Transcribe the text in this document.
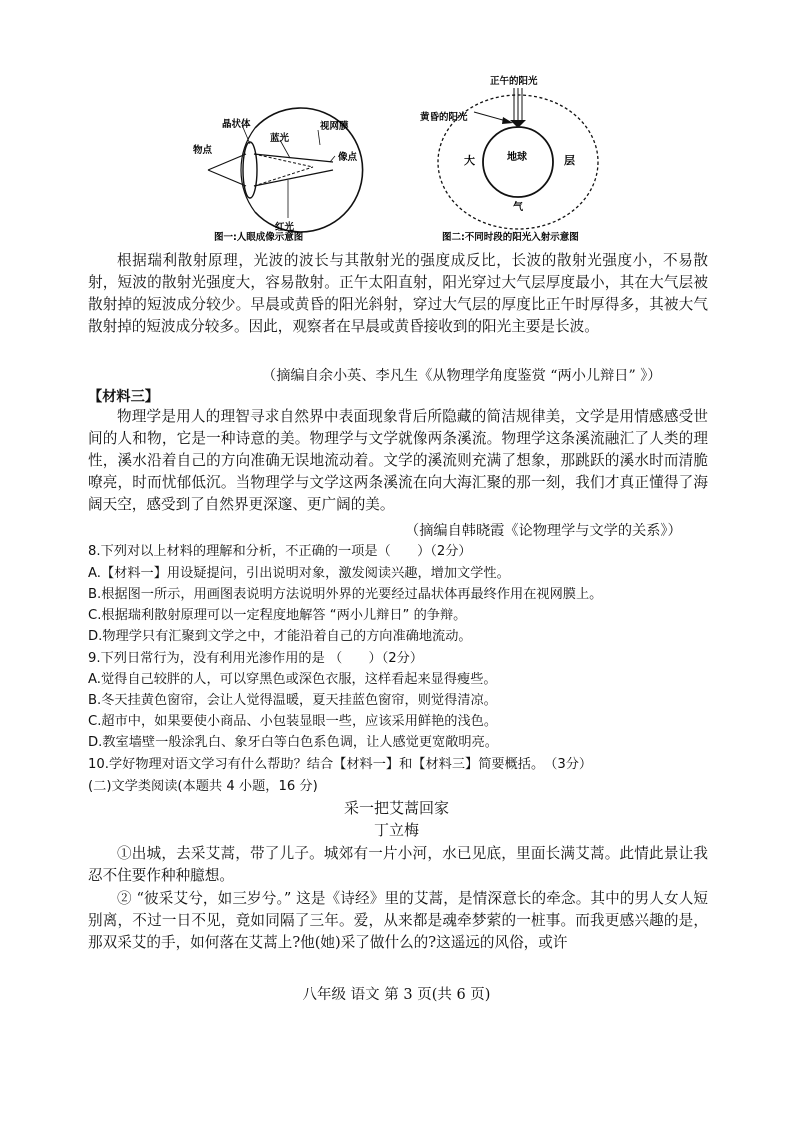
晶状体
物点
蓝光
视网膜
像点
红光
图一:人眼成像示意图
正午的阳光
黄昏的阳光
地球
大	层
气
图二:不同时段的阳光入射示意图
根据瑞利散射原理，光波的波长与其散射光的强度成反比，长波的散射光强度小，不易散射，短波的散射光强度大，容易散射。正午太阳直射，阳光穿过大气层厚度最小，其在大气层被散射掉的短波成分较少。早晨或黄昏的阳光斜射，穿过大气层的厚度比正午时厚得多，其被大气散射掉的短波成分较多。因此，观察者在早晨或黄昏接收到的阳光主要是长波。
（摘编自余小英、李凡生《从物理学角度鉴赏 “两小儿辩日” 》）
【材料三】
物理学是用人的理智寻求自然界中表面现象背后所隐藏的简洁规律美，文学是用情感感受世间的人和物，它是一种诗意的美。物理学与文学就像两条溪流。物理学这条溪流融汇了人类的理性，溪水沿着自己的方向准确无误地流动着。文学的溪流则充满了想象，那跳跃的溪水时而清脆嘹亮，时而忧郁低沉。当物理学与文学这两条溪流在向大海汇聚的那一刻，我们才真正懂得了海阔天空，感受到了自然界更深邃、更广阔的美。
（摘编自韩晓霞《论物理学与文学的关系》）
8.下列对以上材料的理解和分析，不正确的一项是（　　）（2分）
A.【材料一】用设疑提问，引出说明对象，激发阅读兴趣，增加文学性。
B.根据图一所示，用画图表说明方法说明外界的光要经过晶状体再最终作用在视网膜上。
C.根据瑞利散射原理可以一定程度地解答 “两小儿辩日” 的争辩。
D.物理学只有汇聚到文学之中，才能沿着自己的方向准确地流动。
9.下列日常行为，没有利用光渗作用的是 （　　）（2分）
A.觉得自己较胖的人，可以穿黑色或深色衣服，这样看起来显得瘦些。
B.冬天挂黄色窗帘，会让人觉得温暖，夏天挂蓝色窗帘，则觉得清凉。
C.超市中，如果要使小商品、小包装显眼一些，应该采用鲜艳的浅色。
D.教室墙壁一般涂乳白、象牙白等白色系色调，让人感觉更宽敞明亮。
10.学好物理对语文学习有什么帮助？结合【材料一】和【材料三】简要概括。　（3分）
(二)文学类阅读(本题共 4 小题，16 分)
采一把艾蒿回家
丁立梅
①出城，去采艾蒿，带了儿子。城郊有一片小河，水已见底，里面长满艾蒿。此情此景让我忍不住要作种种臆想。
② “彼采艾兮，如三岁兮。” 这是《诗经》里的艾蒿，是情深意长的牵念。其中的男人女人短别离，不过一日不见，竟如同隔了三年。爱，从来都是魂牵梦萦的一桩事。而我更感兴趣的是，那双采艾的手，如何落在艾蒿上?他(她)采了做什么的?这遥远的风俗，或许
八年级 语文 第 3 页(共 6 页)
